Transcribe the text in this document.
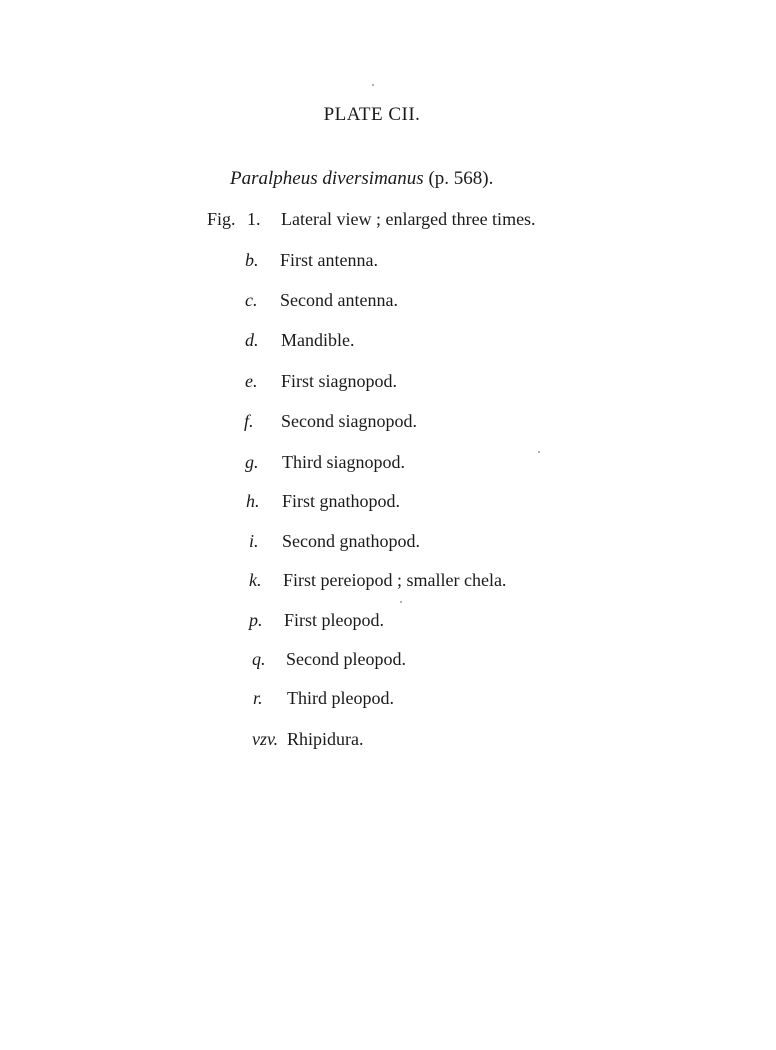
PLATE CII.
Paralpheus diversimanus (p. 568).
Fig. 1. Lateral view ; enlarged three times.
b. First antenna.
c. Second antenna.
d. Mandible.
e. First siagnopod.
f. Second siagnopod.
g. Third siagnopod.
h. First gnathopod.
i. Second gnathopod.
k. First pereiopod ; smaller chela.
p. First pleopod.
q. Second pleopod.
r. Third pleopod.
vzv. Rhipidura.
